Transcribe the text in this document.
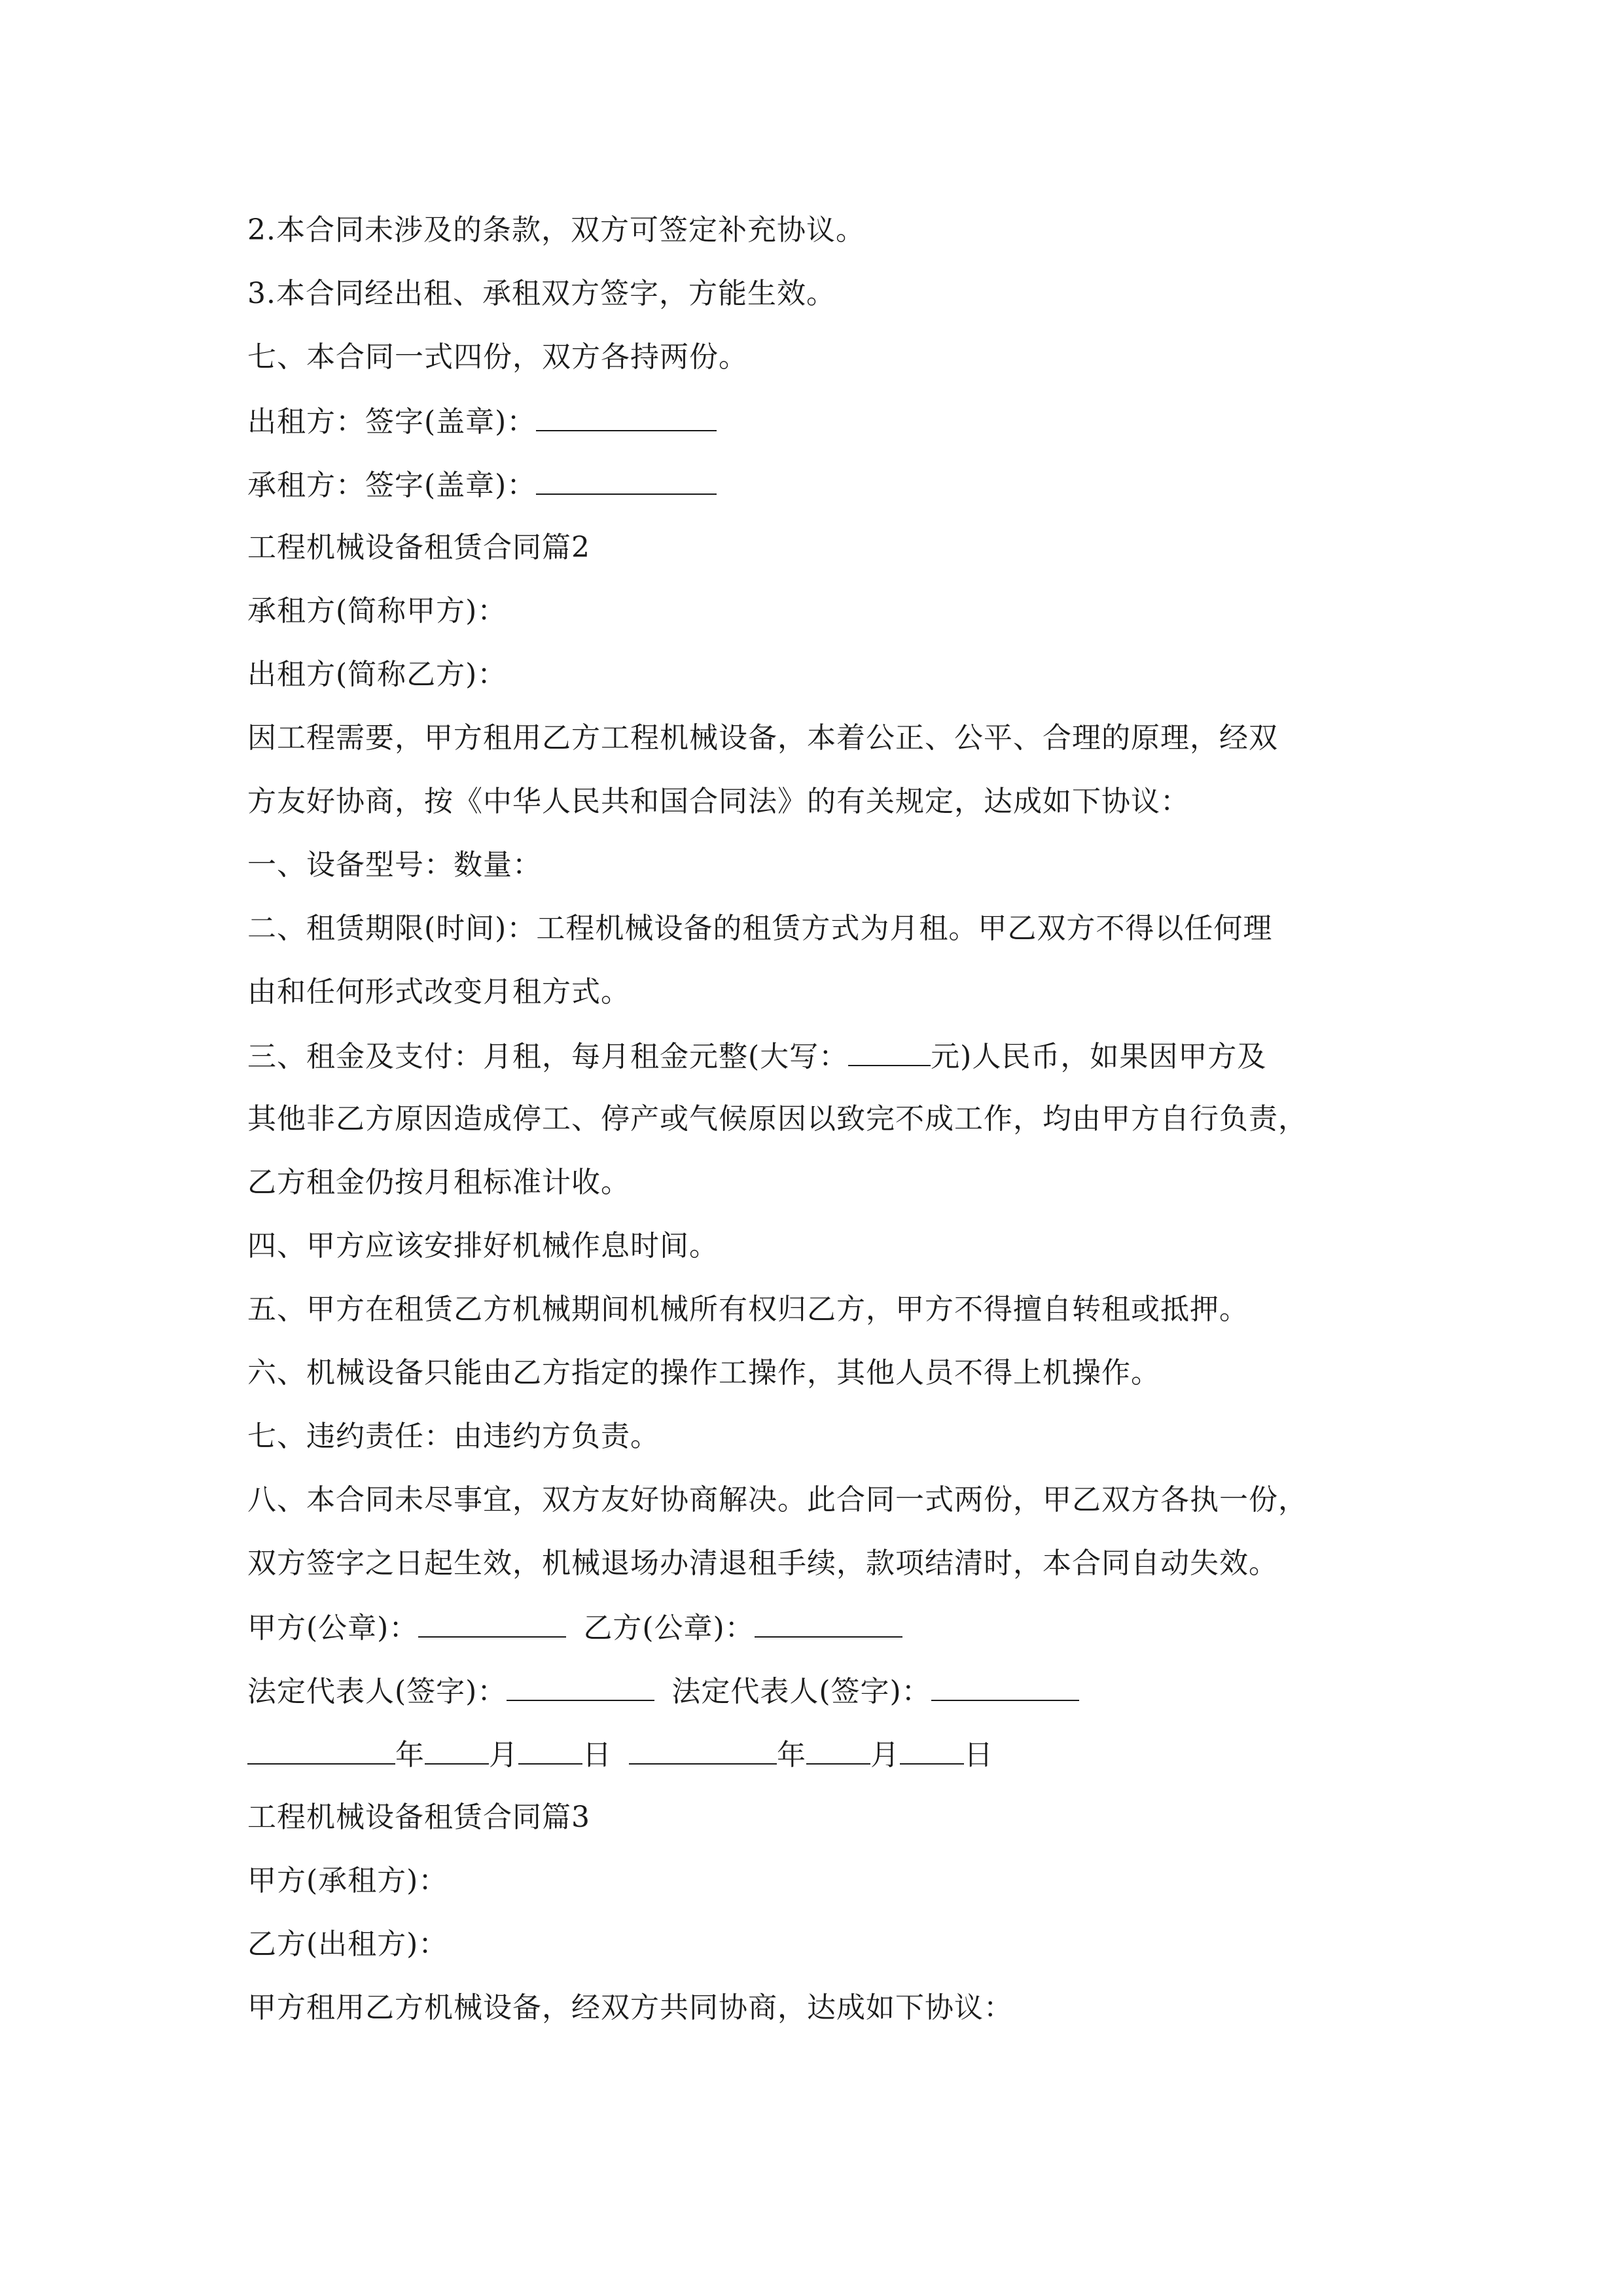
2.本合同未涉及的条款，双方可签定补充协议。
3.本合同经出租、承租双方签字，方能生效。
七、本合同一式四份，双方各持两份。
出租方：签字(盖章)：
承租方：签字(盖章)：
工程机械设备租赁合同篇2
承租方(简称甲方)：
出租方(简称乙方)：
因工程需要，甲方租用乙方工程机械设备，本着公正、公平、合理的原理，经双
方友好协商，按《中华人民共和国合同法》的有关规定，达成如下协议：
一、设备型号：数量：
二、租赁期限(时间)：工程机械设备的租赁方式为月租。甲乙双方不得以任何理
由和任何形式改变月租方式。
三、租金及支付：月租，每月租金元整(大写：	元)人民币，如果因甲方及
其他非乙方原因造成停工、停产或气候原因以致完不成工作，均由甲方自行负责，
乙方租金仍按月租标准计收。
四、甲方应该安排好机械作息时间。
五、甲方在租赁乙方机械期间机械所有权归乙方，甲方不得擅自转租或抵押。
六、机械设备只能由乙方指定的操作工操作，其他人员不得上机操作。
七、违约责任：由违约方负责。
八、本合同未尽事宜，双方友好协商解决。此合同一式两份，甲乙双方各执一份，
双方签字之日起生效，机械退场办清退租手续，款项结清时，本合同自动失效。
甲方(公章)：	乙方(公章)：
法定代表人(签字)：	法定代表人(签字)：
年 月 日	年 月 日
工程机械设备租赁合同篇3
甲方(承租方)：
乙方(出租方)：
甲方租用乙方机械设备，经双方共同协商，达成如下协议：
